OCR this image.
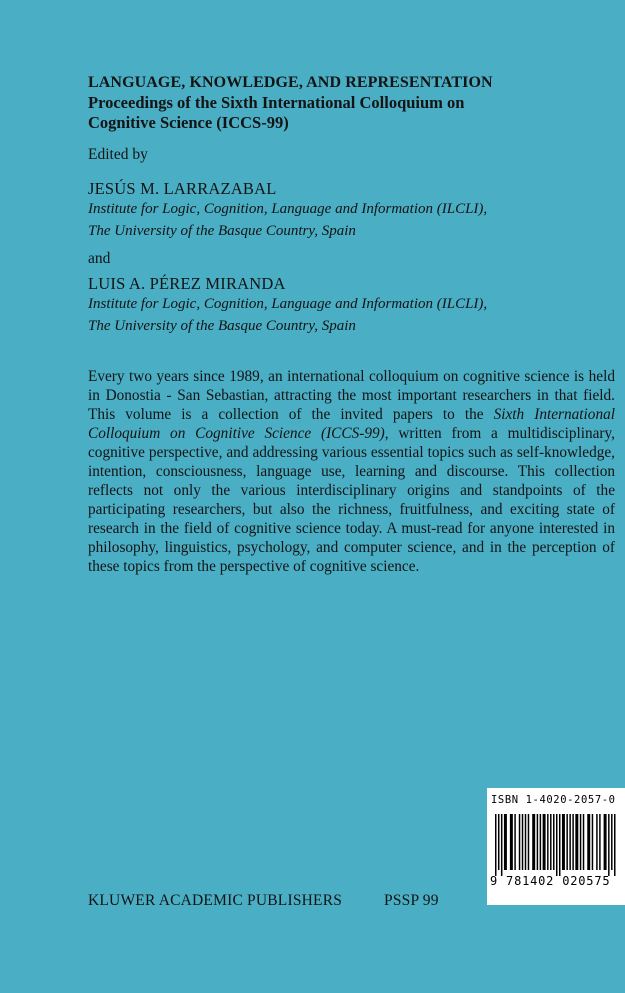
LANGUAGE, KNOWLEDGE, AND REPRESENTATION

Proceedings of the Sixth International Colloquium on

Cognitive Science (ICCS-99)

Edited by
JESÚS M. LARRAZABAL
Institute for Logic, Cognition, Language and Information (ILCLI),
The University of the Basque Country, Spain
and
LUIS A. PÉREZ MIRANDA
Institute for Logic, Cognition, Language and Information (ILCLI),
The University of the Basque Country, Spain

Every two years since 1989, an international colloquium on cognitive science is held in Donostia - San Sebastian, attracting the most important researchers in that field. This volume is a collection of the invited papers to the Sixth International Colloquium on Cognitive Science (ICCS-99), written from a multidisciplinary, cognitive perspective, and addressing various essential topics such as self-knowledge, intention, consciousness, language use, learning and discourse. This collection reflects not only the various interdisciplinary origins and standpoints of the participating researchers, but also the richness, fruitfulness, and exciting state of research in the field of cognitive science today. A must-read for anyone interested in philosophy, linguistics, psychology, and computer science, and in the perception of these topics from the perspective of cognitive science.

KLUWER ACADEMIC PUBLISHERS	PSSP 99
ISBN 1-4020-2057-0
9 781402 020575
